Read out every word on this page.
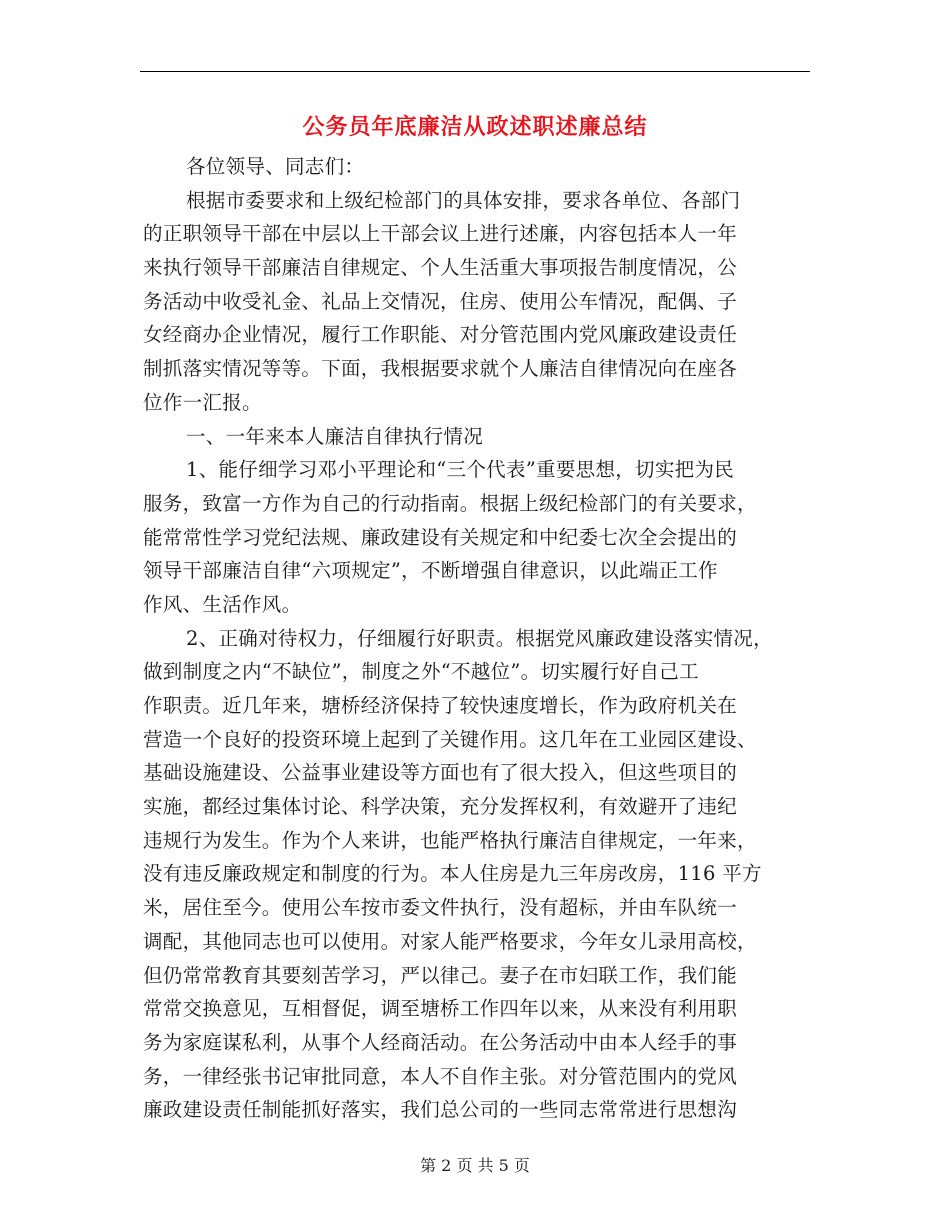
公务员年底廉洁从政述职述廉总结
各位领导、同志们：
根据市委要求和上级纪检部门的具体安排，要求各单位、各部门
的正职领导干部在中层以上干部会议上进行述廉，内容包括本人一年
来执行领导干部廉洁自律规定、个人生活重大事项报告制度情况，公
务活动中收受礼金、礼品上交情况，住房、使用公车情况，配偶、子
女经商办企业情况，履行工作职能、对分管范围内党风廉政建设责任
制抓落实情况等等。下面，我根据要求就个人廉洁自律情况向在座各
位作一汇报。
一、一年来本人廉洁自律执行情况
1、能仔细学习邓小平理论和“三个代表”重要思想，切实把为民
服务，致富一方作为自己的行动指南。根据上级纪检部门的有关要求，
能常常性学习党纪法规、廉政建设有关规定和中纪委七次全会提出的
领导干部廉洁自律“六项规定”，不断增强自律意识，以此端正工作
作风、生活作风。
2、正确对待权力，仔细履行好职责。根据党风廉政建设落实情况，
做到制度之内“不缺位”，制度之外“不越位”。切实履行好自己工
作职责。近几年来，塘桥经济保持了较快速度增长，作为政府机关在
营造一个良好的投资环境上起到了关键作用。这几年在工业园区建设、
基础设施建设、公益事业建设等方面也有了很大投入，但这些项目的
实施，都经过集体讨论、科学决策，充分发挥权利，有效避开了违纪
违规行为发生。作为个人来讲，也能严格执行廉洁自律规定，一年来，
没有违反廉政规定和制度的行为。本人住房是九三年房改房，116 平方
米，居住至今。使用公车按市委文件执行，没有超标，并由车队统一
调配，其他同志也可以使用。对家人能严格要求，今年女儿录用高校，
但仍常常教育其要刻苦学习，严以律己。妻子在市妇联工作，我们能
常常交换意见，互相督促，调至塘桥工作四年以来，从来没有利用职
务为家庭谋私利，从事个人经商活动。在公务活动中由本人经手的事
务，一律经张书记审批同意，本人不自作主张。对分管范围内的党风
廉政建设责任制能抓好落实，我们总公司的一些同志常常进行思想沟
第 2 页 共 5 页
